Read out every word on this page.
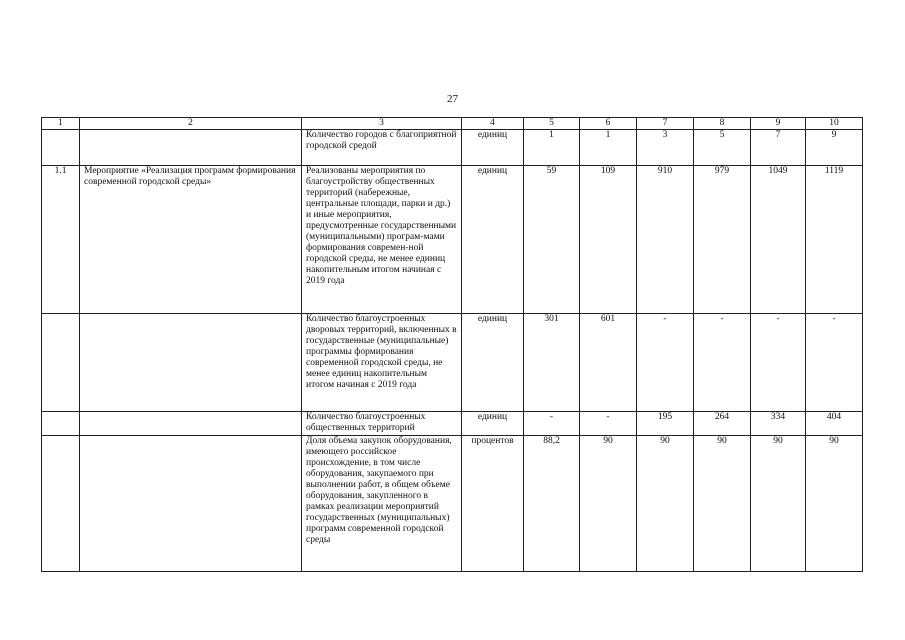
27
1	2	3	4	5	6	7	8	9	10
		Количество городов с благоприятной городской средой	единиц	1	1	3	5	7	9
1.1	Мероприятие «Реализация программ формирования современной городской среды»	Реализованы мероприятия по благоустройству общественных территорий (набережные, центральные площади, парки и др.) и иные мероприятия, предусмотренные государственными (муниципальными) програм-мами формирования современ-ной городской среды, не менее единиц накопительным итогом начиная с 2019 года	единиц	59	109	910	979	1049	1119
		Количество благоустроенных дворовых территорий, включенных в государственные (муниципальные) программы формирования современной городской среды, не менее единиц накопительным итогом начиная с 2019 года	единиц	301	601	-	-	-	-
		Количество благоустроенных общественных территорий	единиц	-	-	195	264	334	404
		Доля объема закупок оборудования, имеющего российское происхождение, в том числе оборудования, закупаемого при выполнении работ, в общем объеме оборудования, закупленного в рамках реализации мероприятий государственных (муниципальных) программ современной городской среды	процентов	88,2	90	90	90	90	90
